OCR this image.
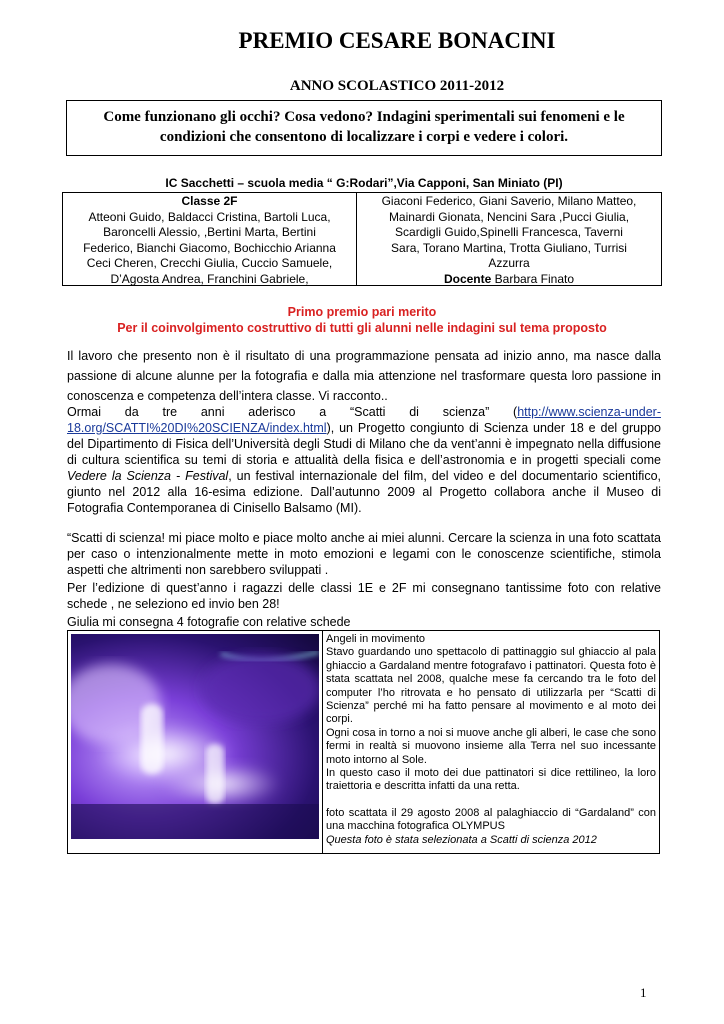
PREMIO CESARE BONACINI
ANNO SCOLASTICO 2011-2012
Come funzionano gli occhi? Cosa vedono? Indagini sperimentali sui fenomeni e le
condizioni che consentono di localizzare i corpi e vedere i colori.
IC Sacchetti – scuola media “ G:Rodari”,Via Capponi, San Miniato (PI)
Classe 2F
Atteoni Guido, Baldacci Cristina, Bartoli Luca,
Baroncelli Alessio, ,Bertini Marta, Bertini
Federico, Bianchi Giacomo, Bochicchio Arianna
Ceci Cheren, Crecchi Giulia, Cuccio Samuele,
D’Agosta Andrea, Franchini Gabriele,
Giaconi Federico, Giani Saverio, Milano Matteo,
Mainardi Gionata, Nencini Sara ,Pucci Giulia,
Scardigli Guido,Spinelli Francesca, Taverni
Sara, Torano Martina, Trotta Giuliano, Turrisi
Azzurra
Docente Barbara Finato
Primo premio pari merito
Per il coinvolgimento costruttivo di tutti gli alunni nelle indagini sul tema proposto
Il lavoro che presento non è il risultato di una programmazione pensata ad inizio anno, ma nasce dalla passione di alcune alunne per la fotografia e dalla mia attenzione nel trasformare questa loro passione in conoscenza e competenza dell’intera classe. Vi racconto..
Ormai da tre anni aderisco a “Scatti di scienza” (http://www.scienza-under-18.org/SCATTI%20DI%20SCIENZA/index.html), un Progetto congiunto di Scienza under 18 e del gruppo del Dipartimento di Fisica dell’Università degli Studi di Milano che da vent’anni è impegnato nella diffusione di cultura scientifica su temi di storia e attualità della fisica e dell’astronomia e in progetti speciali come Vedere la Scienza - Festival, un festival internazionale del film, del video e del documentario scientifico, giunto nel 2012 alla 16-esima edizione. Dall’autunno 2009 al Progetto collabora anche il Museo di Fotografia Contemporanea di Cinisello Balsamo (MI).
“Scatti di scienza! mi piace molto e piace molto anche ai miei alunni. Cercare la scienza in una foto scattata per caso o intenzionalmente mette in moto emozioni e legami con le conoscenze scientifiche, stimola aspetti che altrimenti non sarebbero sviluppati .
Per l’edizione di quest’anno i ragazzi delle classi 1E e 2F mi consegnano tantissime foto con relative schede , ne seleziono ed invio ben 28!
Giulia mi consegna 4 fotografie con relative schede

Angeli in movimento

Stavo guardando uno spettacolo di pattinaggio sul ghiaccio al pala ghiaccio a Gardaland mentre fotografavo i pattinatori. Questa foto è stata scattata nel 2008, qualche mese fa cercando tra le foto del computer l’ho ritrovata e ho pensato di utilizzarla per “Scatti di Scienza” perché mi ha fatto pensare al movimento e al moto dei corpi.

Ogni cosa in torno a noi si muove anche gli alberi, le case che sono fermi in realtà si muovono insieme alla Terra nel suo incessante moto intorno al Sole.

In questo caso il moto dei due pattinatori si dice rettilineo, la loro traiettoria e descritta infatti da una retta.

foto scattata il 29 agosto 2008 al palaghiaccio di “Gardaland” con una macchina fotografica OLYMPUS

Questa foto è stata selezionata a Scatti di scienza 2012

1
